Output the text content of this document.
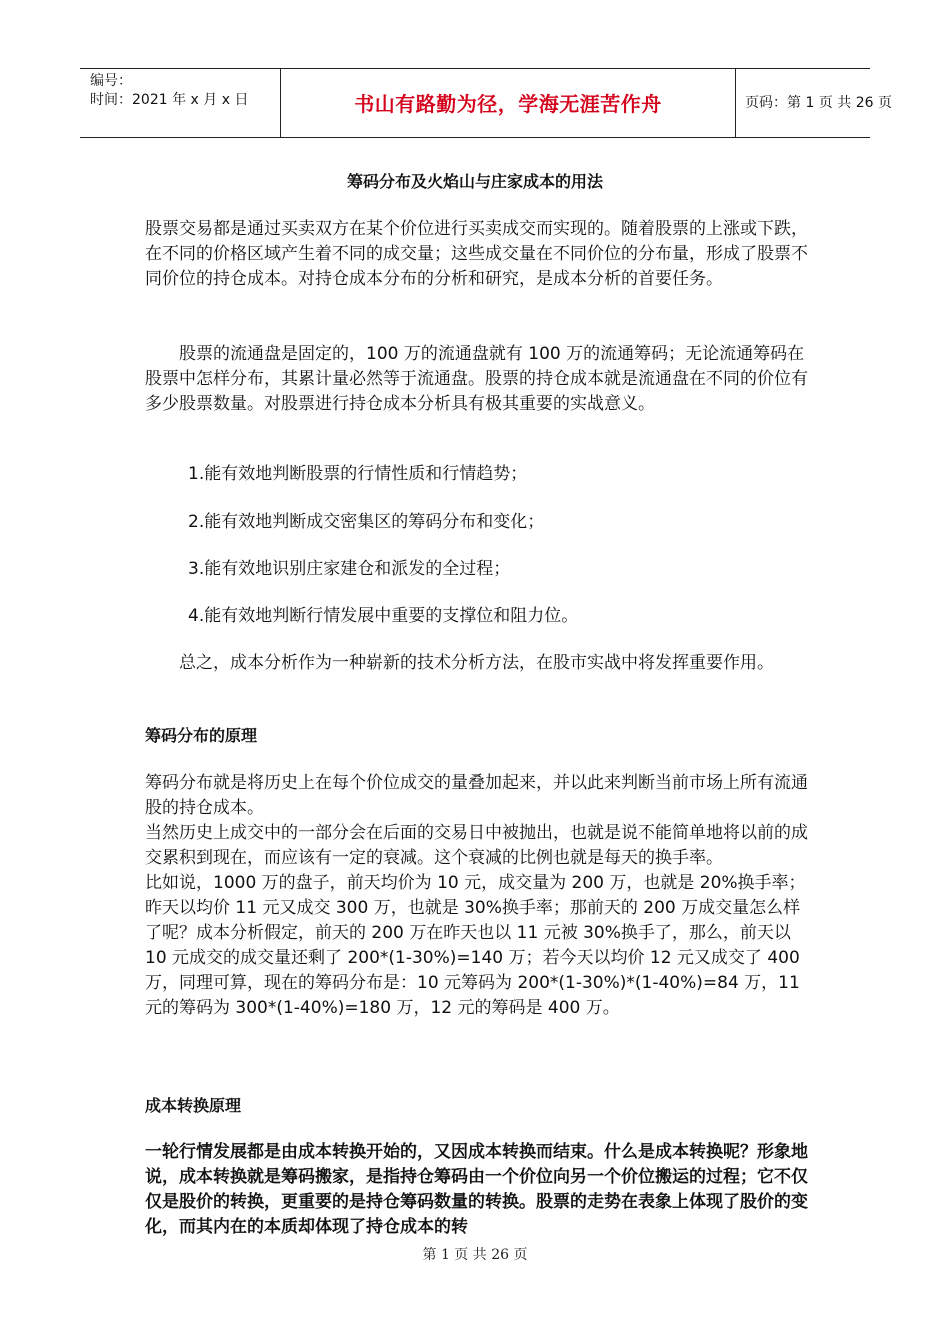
编号：
时间：2021 年 x 月 x 日	书山有路勤为径，学海无涯苦作舟	页码：第 1 页 共 26 页
筹码分布及火焰山与庄家成本的用法

股票交易都是通过买卖双方在某个价位进行买卖成交而实现的。随着股票的上涨或下跌，在不同的价格区域产生着不同的成交量；这些成交量在不同价位的分布量，形成了股票不同价位的持仓成本。对持仓成本分布的分析和研究，是成本分析的首要任务。

股票的流通盘是固定的，100 万的流通盘就有 100 万的流通筹码；无论流通筹码在股票中怎样分布，其累计量必然等于流通盘。股票的持仓成本就是流通盘在不同的价位有多少股票数量。对股票进行持仓成本分析具有极其重要的实战意义。

1.能有效地判断股票的行情性质和行情趋势；

2.能有效地判断成交密集区的筹码分布和变化；

3.能有效地识别庄家建仓和派发的全过程；

4.能有效地判断行情发展中重要的支撑位和阻力位。

总之，成本分析作为一种崭新的技术分析方法，在股市实战中将发挥重要作用。

筹码分布的原理

筹码分布就是将历史上在每个价位成交的量叠加起来，并以此来判断当前市场上所有流通股的持仓成本。
当然历史上成交中的一部分会在后面的交易日中被抛出，也就是说不能简单地将以前的成交累积到现在，而应该有一定的衰减。这个衰减的比例也就是每天的换手率。
比如说，1000 万的盘子，前天均价为 10 元，成交量为 200 万，也就是 20%换手率；昨天以均价 11 元又成交 300 万，也就是 30%换手率；那前天的 200 万成交量怎么样了呢？成本分析假定，前天的 200 万在昨天也以 11 元被 30%换手了，那么，前天以 10 元成交的成交量还剩了 200*(1-30%)=140 万；若今天以均价 12 元又成交了 400 万，同理可算，现在的筹码分布是：10 元筹码为 200*(1-30%)*(1-40%)=84 万，11 元的筹码为 300*(1-40%)=180 万，12 元的筹码是 400 万。

成本转换原理

一轮行情发展都是由成本转换开始的，又因成本转换而结束。什么是成本转换呢？形象地说，成本转换就是筹码搬家，是指持仓筹码由一个价位向另一个价位搬运的过程；它不仅仅是股价的转换，更重要的是持仓筹码数量的转换。股票的走势在表象上体现了股价的变化，而其内在的本质却体现了持仓成本的转

第 1 页 共 26 页
